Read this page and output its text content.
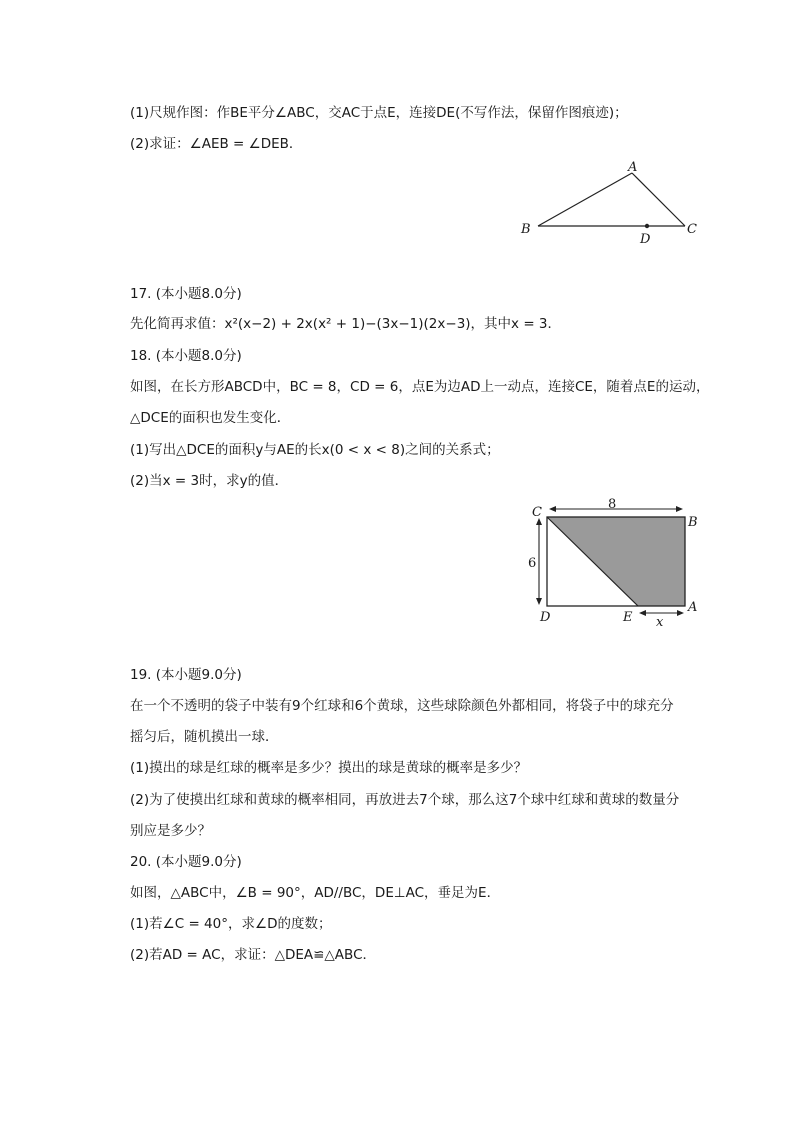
(1)尺规作图：作BE平分∠ABC，交AC于点E，连接DE(不写作法，保留作图痕迹)；
(2)求证：∠AEB = ∠DEB．
A
B	C
D
17. (本小题8.0分)
先化简再求值：x²(x−2) + 2x(x² + 1)−(3x−1)(2x−3)，其中x = 3．
18. (本小题8.0分)
如图，在长方形ABCD中，BC = 8，CD = 6，点E为边AD上一动点，连接CE，随着点E的运动，
△DCE的面积也发生变化．
(1)写出△DCE的面积y与AE的长x(0 < x < 8)之间的关系式；
(2)当x = 3时，求y的值．
C
B
D	E
A
8
6
x
19. (本小题9.0分)
在一个不透明的袋子中装有9个红球和6个黄球，这些球除颜色外都相同，将袋子中的球充分
摇匀后，随机摸出一球．
(1)摸出的球是红球的概率是多少？摸出的球是黄球的概率是多少？
(2)为了使摸出红球和黄球的概率相同，再放进去7个球，那么这7个球中红球和黄球的数量分
别应是多少？
20. (本小题9.0分)
如图，△ABC中，∠B = 90°，AD//BC，DE⊥AC，垂足为E．
(1)若∠C = 40°，求∠D的度数；
(2)若AD = AC，求证：△DEA≌△ABC．
